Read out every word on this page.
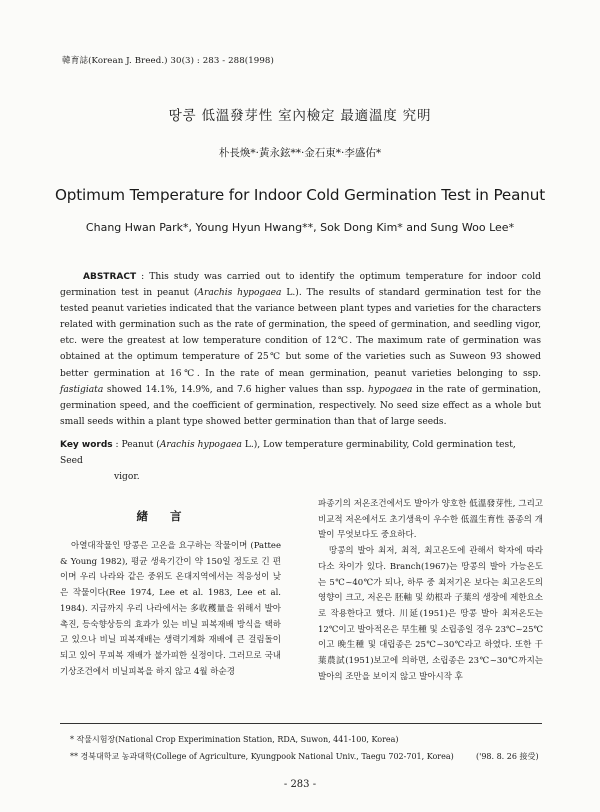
韓育誌(Korean J. Breed.) 30(3) : 283 - 288(1998)
땅콩 低溫發芽性 室內檢定 最適溫度 究明
朴長煥*·黃永鉉**·金石東*·李盛佑*
Optimum Temperature for Indoor Cold Germination Test in Peanut
Chang Hwan Park*, Young Hyun Hwang**, Sok Dong Kim* and Sung Woo Lee*
ABSTRACT : This study was carried out to identify the optimum temperature for indoor cold germination test in peanut (Arachis hypogaea L.). The results of standard germination test for the tested peanut varieties indicated that the variance between plant types and varieties for the characters related with germination such as the rate of germination, the speed of germination, and seedling vigor, etc. were the greatest at low temperature condition of 12℃. The maximum rate of germination was obtained at the optimum temperature of 25℃ but some of the varieties such as Suweon 93 showed better germination at 16℃. In the rate of mean germination, peanut varieties belonging to ssp. fastigiata showed 14.1%, 14.9%, and 7.6 higher values than ssp. hypogaea in the rate of germination, germination speed, and the coefficient of germination, respectively. No seed size effect as a whole but small seeds within a plant type showed better germination than that of large seeds.
Key words : Peanut (Arachis hypogaea L.), Low temperature germinability, Cold germination test, Seed
vigor.
緖言

아열대작물인 땅콩은 고온을 요구하는 작물이며 (Pattee & Young 1982), 평균 생육기간이 약 150일 정도로 긴 편이며 우리 나라와 같은 중위도 온대지역에서는 적응성이 낮은 작물이다(Ree 1974, Lee et al. 1983, Lee et al. 1984). 지금까지 우리 나라에서는 多收穫量을 위해서 발아촉진, 등숙향상등의 효과가 있는 비닐 피복재배 방식을 택하고 있으나 비닐 피복재배는 생력기계화 재배에 큰 걸림돌이 되고 있어 무피복 재배가 불가피한 실정이다. 그러므로 국내 기상조건에서 비닐피복을 하지 않고 4월 하순경

파종기의 저온조건에서도 발아가 양호한 低溫發芽性, 그리고 비교적 저온에서도 초기생육이 우수한 低溫生育性 품종의 개발이 무엇보다도 중요하다.

땅콩의 발아 최저, 최적, 최고온도에 관해서 학자에 따라 다소 차이가 있다. Branch(1967)는 땅콩의 발아 가능온도는 5℃~40℃가 되나, 하루 중 최저기온 보다는 최고온도의 영향이 크고, 저온은 胚軸 및 幼根과 子葉의 생장에 제한요소로 작용한다고 했다. 川延(1951)은 땅콩 발아 최저온도는 12℃이고 발아적온은 早生種 및 소립종일 경우 23℃~25℃이고 晩生種 및 대립종은 25℃~30℃라고 하였다. 또한 千葉農試(1951)보고에 의하면, 소립종은 23℃~30℃까지는 발아의 조만을 보이지 않고 발아시작 후

* 작물시험장(National Crop Experimination Station, RDA, Suwon, 441-100, Korea)
** 경북대학교 농과대학(College of Agriculture, Kyungpook National Univ., Taegu 702-701, Korea)	('98. 8. 26 接受)
- 283 -
